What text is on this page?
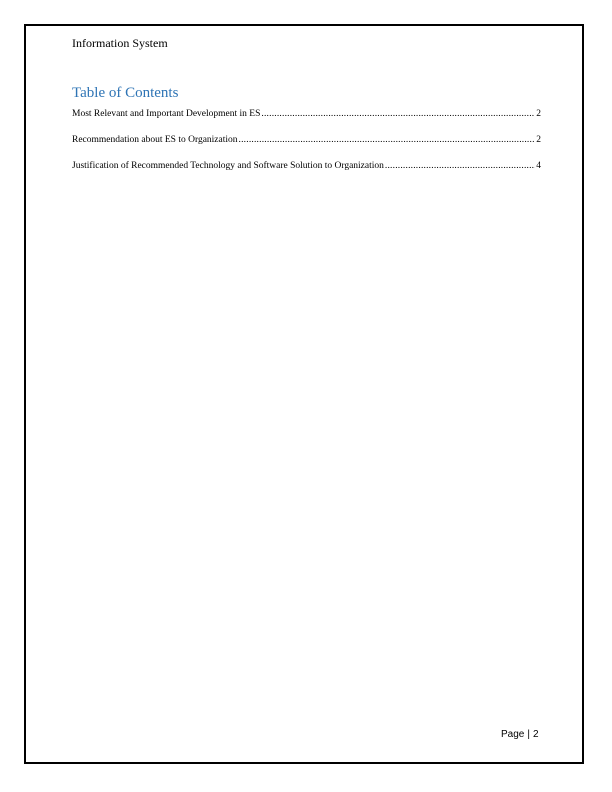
Information System
Table of Contents
Most Relevant and Important Development in ES .....	2
Recommendation about ES to Organization .....	2
Justification of Recommended Technology and Software Solution to Organization .....	4
Page | 2
